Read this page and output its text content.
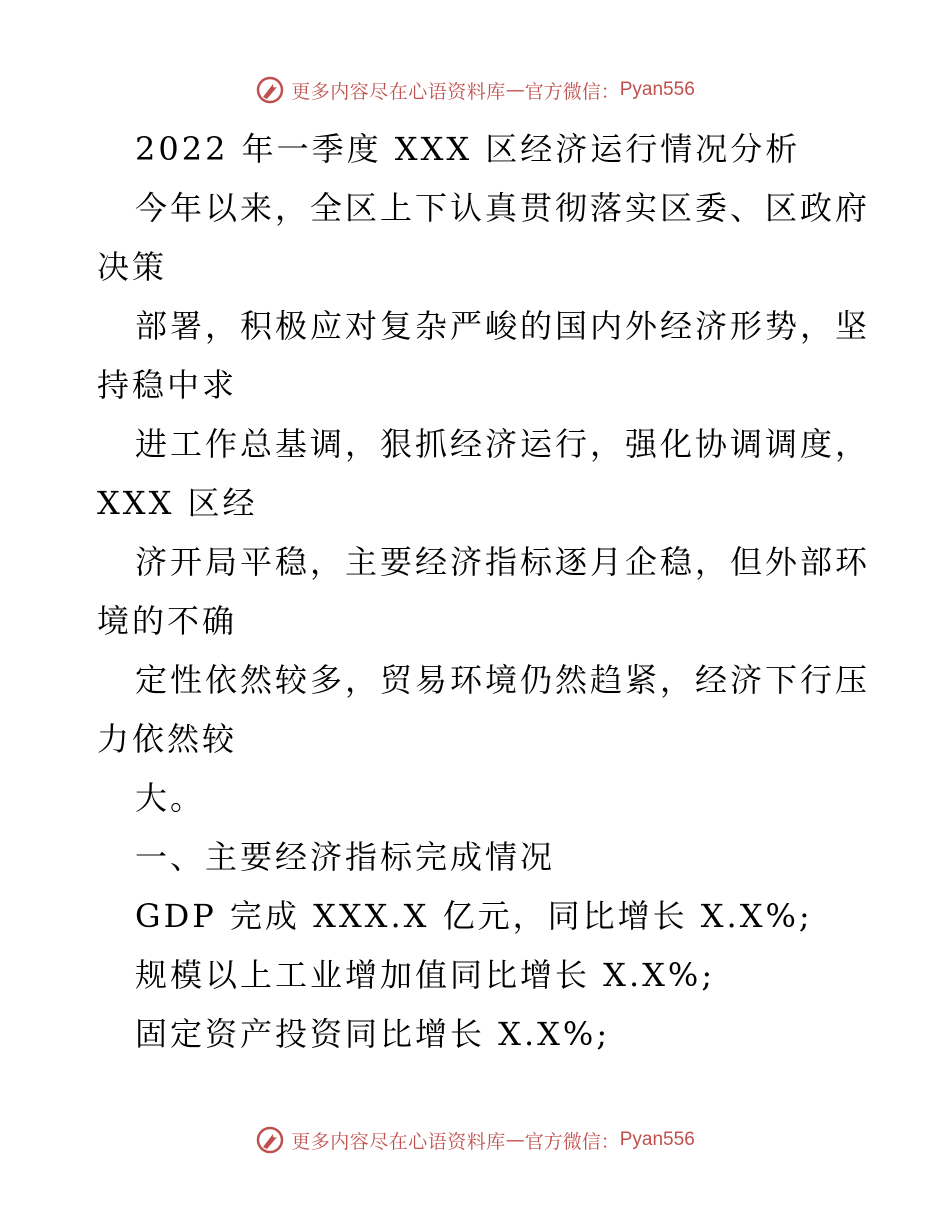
更多内容尽在心语资料库 — 官方微信： Pyan556
2022 年一季度 XXX 区经济运行情况分析
今年以来，全区上下认真贯彻落实区委、区政府
决策
部署，积极应对复杂严峻的国内外经济形势，坚
持稳中求
进工作总基调，狠抓经济运行，强化协调调度，
XXX 区经
济开局平稳，主要经济指标逐月企稳，但外部环
境的不确
定性依然较多，贸易环境仍然趋紧，经济下行压
力依然较
大。
一、主要经济指标完成情况
GDP 完成 XXX.X 亿元，同比增长 X.X%;
规模以上工业增加值同比增长 X.X%;
固定资产投资同比增长 X.X%;
更多内容尽在心语资料库 — 官方微信： Pyan556
